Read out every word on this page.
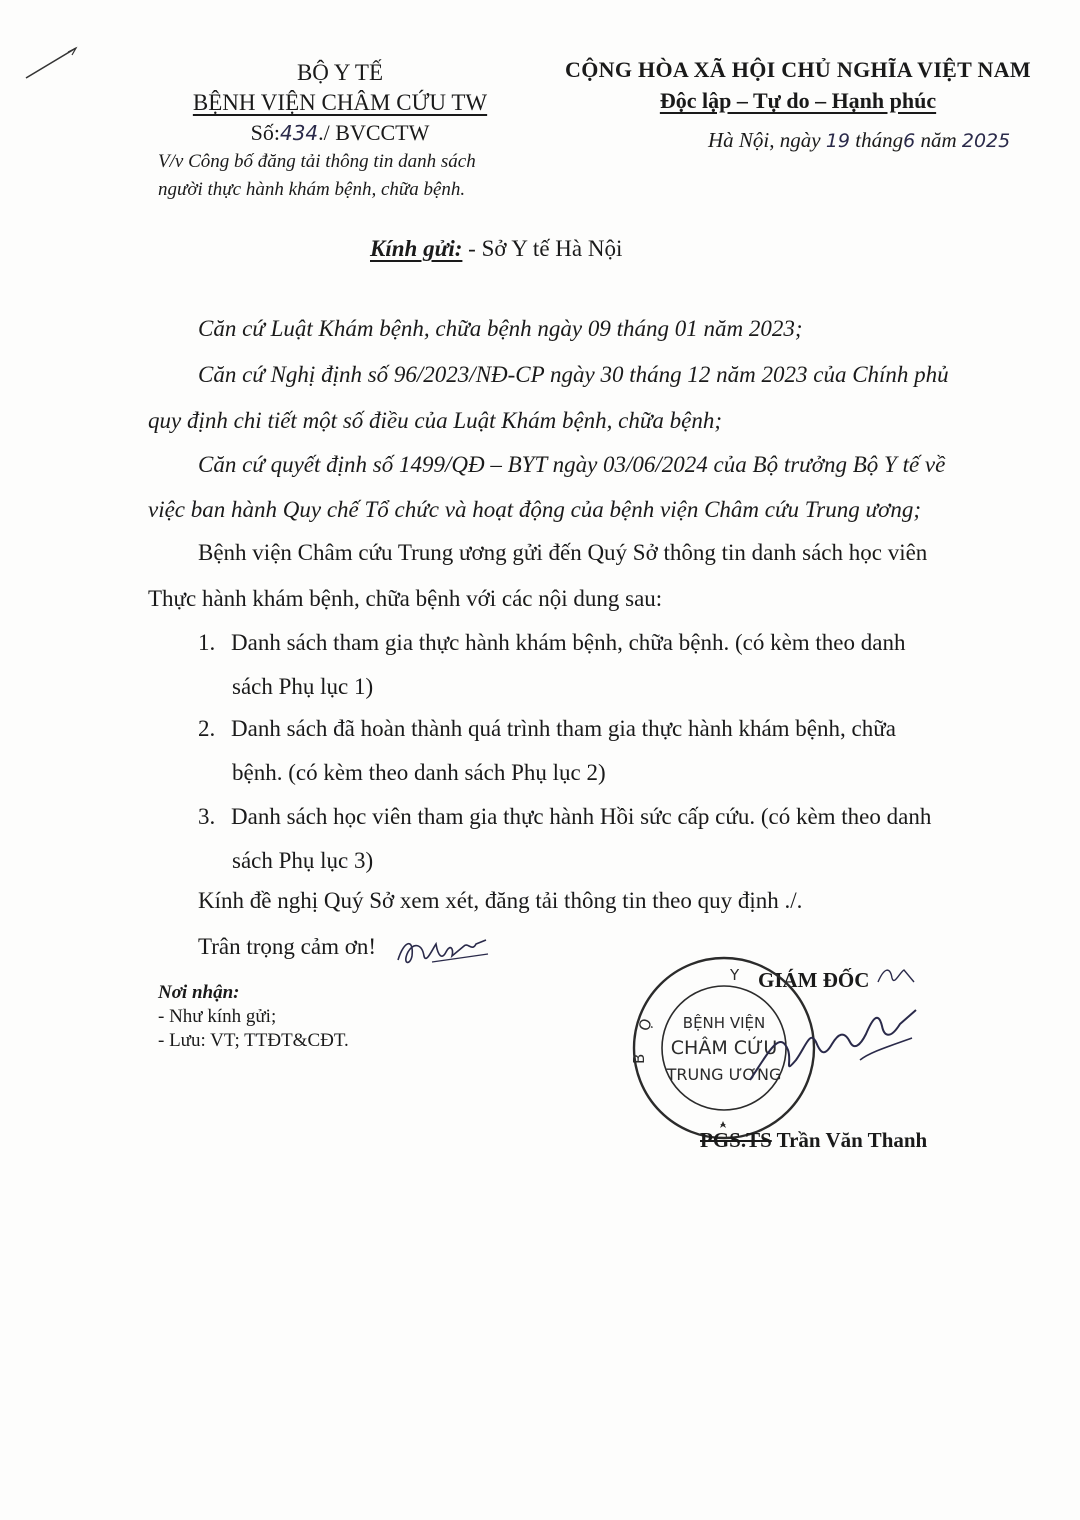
BỘ Y TẾ
BỆNH VIỆN CHÂM CỨU TW
Số:434./ BVCCTW
V/v Công bố đăng tải thông tin danh sách
người thực hành khám bệnh, chữa bệnh.
CỘNG HÒA XÃ HỘI CHỦ NGHĨA VIỆT NAM
Độc lập – Tự do – Hạnh phúc
Hà Nội, ngày 19 tháng6 năm 2025
Kính gửi: - Sở Y tế Hà Nội
Căn cứ Luật Khám bệnh, chữa bệnh ngày 09 tháng 01 năm 2023;
Căn cứ Nghị định số 96/2023/NĐ-CP ngày 30 tháng 12 năm 2023 của Chính phủ
quy định chi tiết một số điều của Luật Khám bệnh, chữa bệnh;
Căn cứ quyết định số 1499/QĐ – BYT ngày 03/06/2024 của Bộ trưởng Bộ Y tế về
việc ban hành Quy chế Tổ chức và hoạt động của bệnh viện Châm cứu Trung ương;
Bệnh viện Châm cứu Trung ương gửi đến Quý Sở thông tin danh sách học viên
Thực hành khám bệnh, chữa bệnh với các nội dung sau:
1. Danh sách tham gia thực hành khám bệnh, chữa bệnh. (có kèm theo danh
sách Phụ lục 1)
2. Danh sách đã hoàn thành quá trình tham gia thực hành khám bệnh, chữa
bệnh. (có kèm theo danh sách Phụ lục 2)
3. Danh sách học viên tham gia thực hành Hồi sức cấp cứu. (có kèm theo danh
sách Phụ lục 3)
Kính đề nghị Quý Sở xem xét, đăng tải thông tin theo quy định ./.
Trân trọng cảm ơn!
Nơi nhận:
- Như kính gửi;
- Lưu: VT; TTĐT&CĐT.
GIÁM ĐỐC
Y
Ộ
B
BỆNH VIỆN
CHÂM CỨU
TRUNG ƯƠNG
PGS.TS Trần Văn Thanh
